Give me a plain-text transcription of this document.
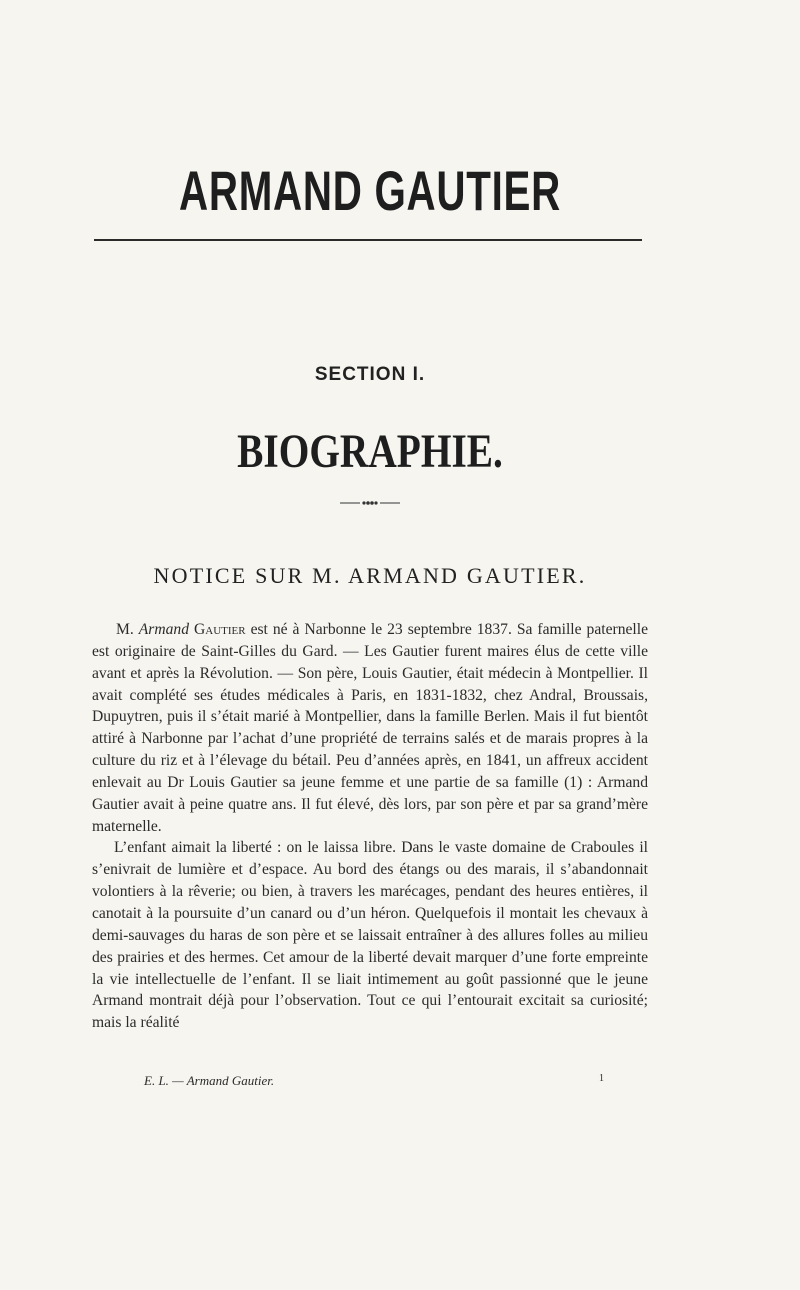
ARMAND GAUTIER
SECTION I.
BIOGRAPHIE.
NOTICE SUR M. ARMAND GAUTIER.

M. Armand Gautier est né à Narbonne le 23 septembre 1837. Sa famille paternelle est originaire de Saint-Gilles du Gard. — Les Gautier furent maires élus de cette ville avant et après la Révolution. — Son père, Louis Gautier, était médecin à Montpellier. Il avait complété ses études médicales à Paris, en 1831-1832, chez Andral, Broussais, Dupuytren, puis il s’était marié à Montpellier, dans la famille Berlen. Mais il fut bientôt attiré à Narbonne par l’achat d’une propriété de terrains salés et de marais propres à la culture du riz et à l’élevage du bétail. Peu d’années après, en 1841, un affreux accident enlevait au Dr Louis Gautier sa jeune femme et une partie de sa famille (1) : Armand Gautier avait à peine quatre ans. Il fut élevé, dès lors, par son père et par sa grand’mère maternelle.

L’enfant aimait la liberté : on le laissa libre. Dans le vaste domaine de Craboules il s’enivrait de lumière et d’espace. Au bord des étangs ou des marais, il s’abandonnait volontiers à la rêverie; ou bien, à travers les marécages, pendant des heures entières, il canotait à la poursuite d’un canard ou d’un héron. Quelquefois il montait les chevaux à demi-sauvages du haras de son père et se laissait entraîner à des allures folles au milieu des prairies et des hermes. Cet amour de la liberté devait marquer d’une forte empreinte la vie intellectuelle de l’enfant. Il se liait intimement au goût passionné que le jeune Armand montrait déjà pour l’observation. Tout ce qui l’entourait excitait sa curiosité; mais la réalité

E. L. — Armand Gautier.	1
